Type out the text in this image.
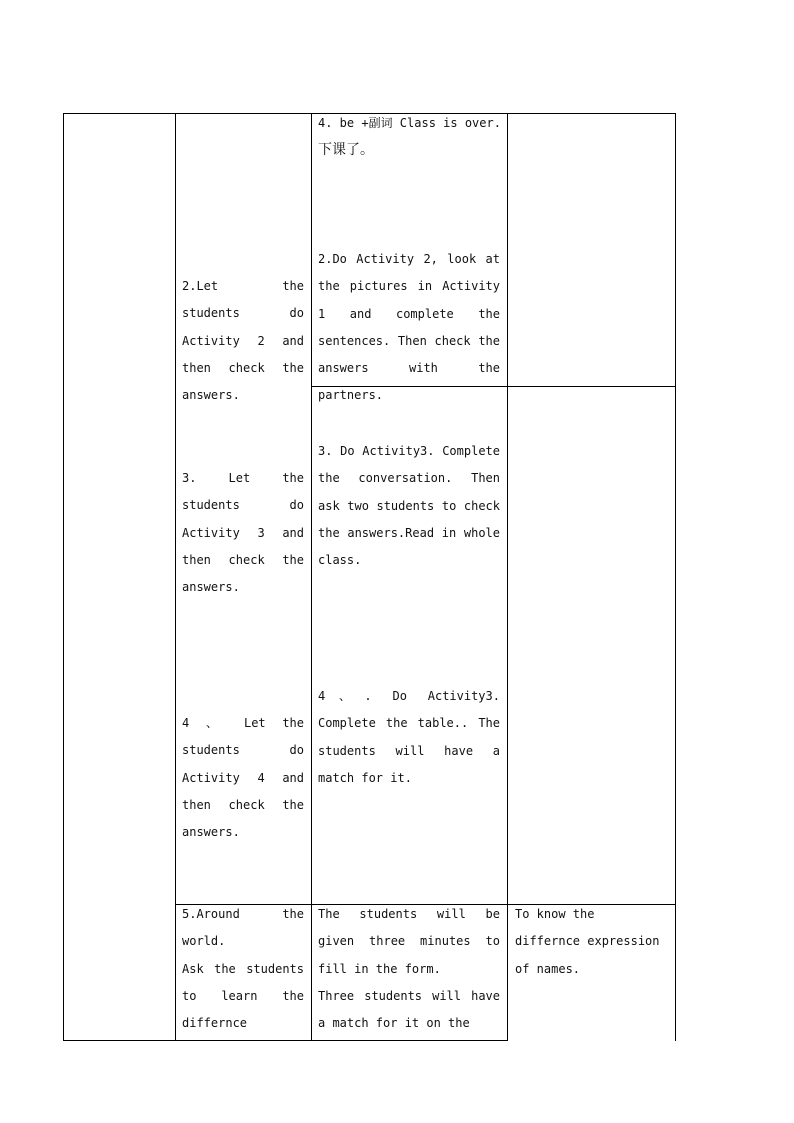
4. be +副词 Class is over.

下课了。

2.Let the students do Activity 2 and then check the answers.

2.Do Activity 2, look at the pictures in Activity 1 and complete the sentences. Then check the answers with the partners.

3. Let the students do Activity 3 and then check the answers.

3. Do Activity3. Complete the conversation. Then ask two students to check the answers.Read in whole class.

4 、 Let the students do Activity 4 and then check the answers.

4、. Do Activity3. Complete the table.. The students will have a match for it.

5.Around the world.

Ask the students to learn the differnce

The students will be given three minutes to fill in the form.

Three students will have a match for it on the

To know the differnce expression of names.
